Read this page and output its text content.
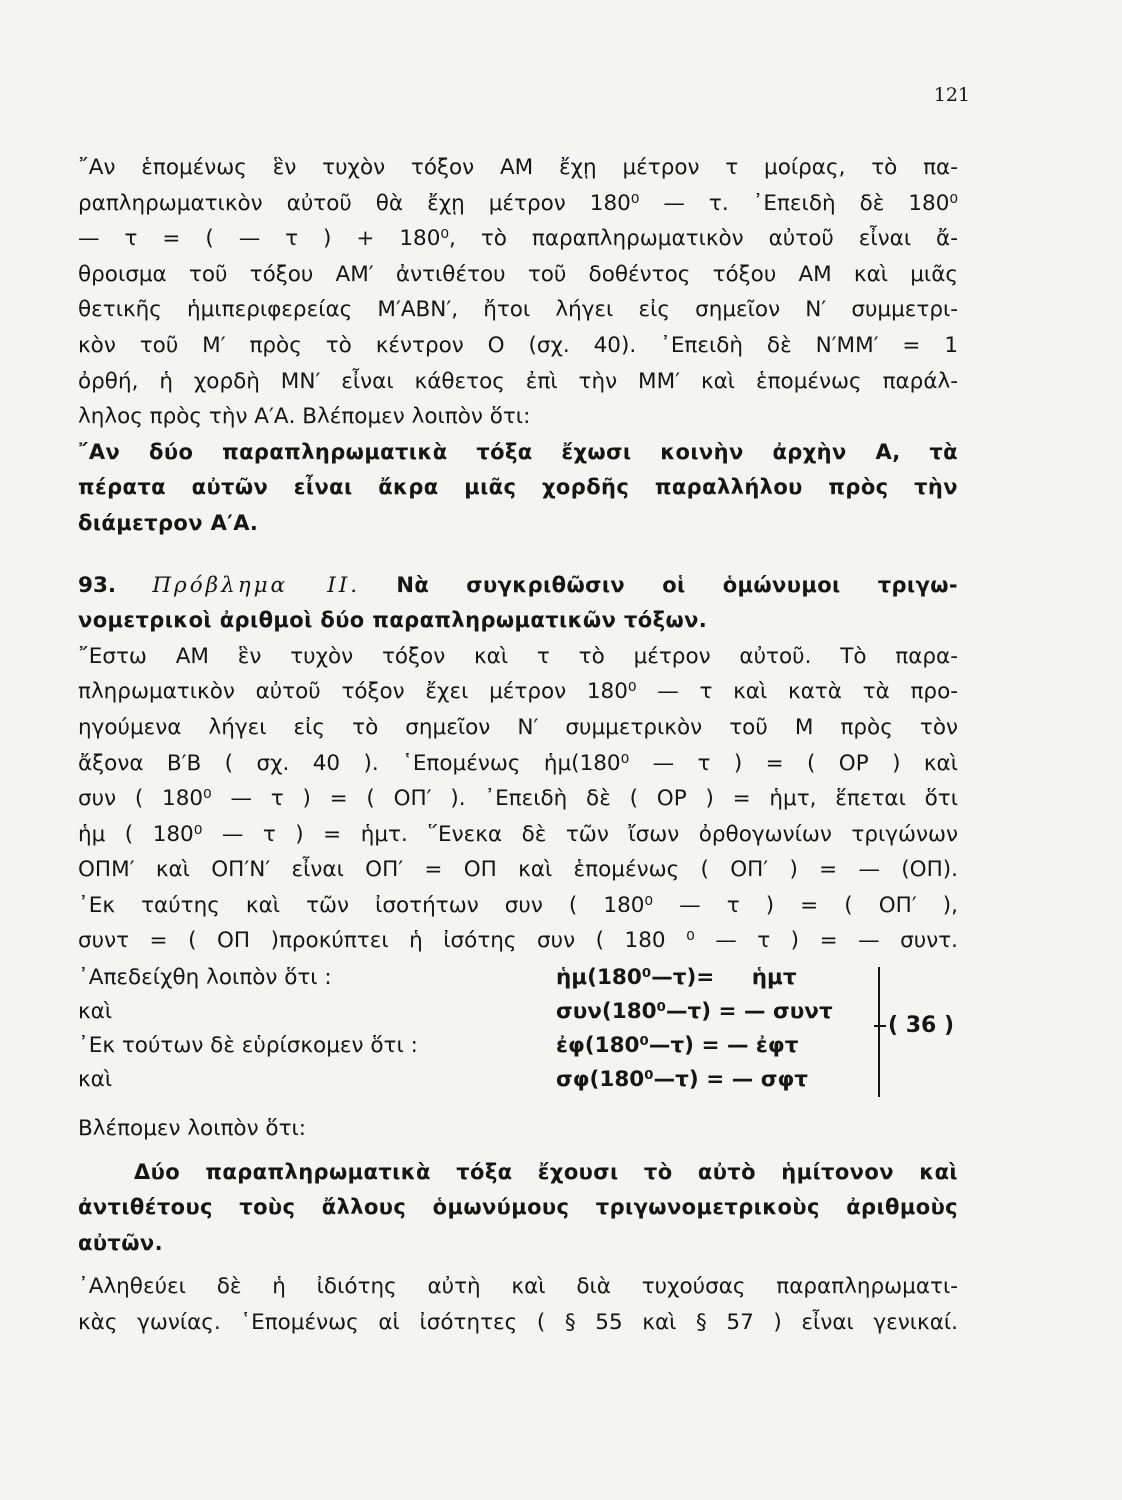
121

῎Αν ἑπομένως ἓν τυχὸν τόξον ΑΜ ἔχῃ μέτρον τ μοίρας, τὸ πα-
ραπληρωματικὸν αὐτοῦ θὰ ἔχῃ μέτρον 180⁰ — τ. ᾿Επειδὴ δὲ 180⁰
— τ = ( — τ ) + 180⁰, τὸ παραπληρωματικὸν αὐτοῦ εἶναι ἄ-
θροισμα τοῦ τόξου ΑΜ′ ἀντιθέτου τοῦ δοθέντος τόξου ΑΜ καὶ μιᾶς
θετικῆς ἡμιπεριφερείας Μ′ΑΒΝ′, ἤτοι λήγει εἰς σημεῖον Ν′ συμμετρι-
κὸν τοῦ Μ′ πρὸς τὸ κέντρον Ο (σχ. 40). ᾿Επειδὴ δὲ Ν′ΜΜ′ = 1
ὀρθή, ἡ χορδὴ ΜΝ′ εἶναι κάθετος ἐπὶ τὴν ΜΜ′ καὶ ἑπομένως παράλ-
ληλος πρὸς τὴν Α′Α. Βλέπομεν λοιπὸν ὅτι:

῎Αν δύο παραπληρωματικὰ τόξα ἔχωσι κοινὴν ἀρχὴν Α, τὰ
πέρατα αὐτῶν εἶναι ἄκρα μιᾶς χορδῆς παραλλήλου πρὸς τὴν
διάμετρον Α′Α.

93. Πρόβλημα ΙΙ. Νὰ συγκριθῶσιν οἱ ὁμώνυμοι τριγω-
νομετρικοὶ ἀριθμοὶ δύο παραπληρωματικῶν τόξων.

῎Εστω ΑΜ ἓν τυχὸν τόξον καὶ τ τὸ μέτρον αὐτοῦ. Τὸ παρα-
πληρωματικὸν αὐτοῦ τόξον ἔχει μέτρον 180⁰ — τ καὶ κατὰ τὰ προ-
ηγούμενα λήγει εἰς τὸ σημεῖον Ν′ συμμετρικὸν τοῦ Μ πρὸς τὸν
ἄξονα Β′Β ( σχ. 40 ). ῾Επομένως ἡμ(180⁰ — τ ) = ( ΟΡ ) καὶ
συν ( 180⁰ — τ ) = ( ΟΠ′ ). ᾿Επειδὴ δὲ ( ΟΡ ) = ἡμτ, ἕπεται ὅτι
ἡμ ( 180⁰ — τ ) = ἡμτ. ῞Ενεκα δὲ τῶν ἴσων ὀρθογωνίων τριγώνων
ΟΠΜ′ καὶ ΟΠ′Ν′ εἶναι ΟΠ′ = ΟΠ καὶ ἑπομένως ( ΟΠ′ ) = — (ΟΠ).
᾿Εκ ταύτης καὶ τῶν ἰσοτήτων συν ( 180⁰ — τ ) = ( ΟΠ′ ),
συντ = ( ΟΠ )προκύπτει ἡ ἰσότης συν ( 180 ⁰ — τ ) = — συντ.

᾿Απεδείχθη λοιπὸν ὅτι :	ἡμ(180⁰—τ)=     ἡμτ
καὶ	συν(180⁰—τ) = — συντ
᾿Εκ τούτων δὲ εὑρίσκομεν ὅτι :	ἐφ(180⁰—τ) = — ἐφτ
καὶ	σφ(180⁰—τ) = — σφτ
( 36 )

Βλέπομεν λοιπὸν ὅτι:

Δύο παραπληρωματικὰ τόξα ἔχουσι τὸ αὐτὸ ἡμίτονον καὶ
ἀντιθέτους τοὺς ἄλλους ὁμωνύμους τριγωνομετρικοὺς ἀριθμοὺς
αὐτῶν.

᾿Αληθεύει δὲ ἡ ἰδιότης αὐτὴ καὶ διὰ τυχούσας παραπληρωματι-
κὰς γωνίας. ῾Επομένως αἱ ἰσότητες ( § 55 καὶ § 57 ) εἶναι γενικαί.
